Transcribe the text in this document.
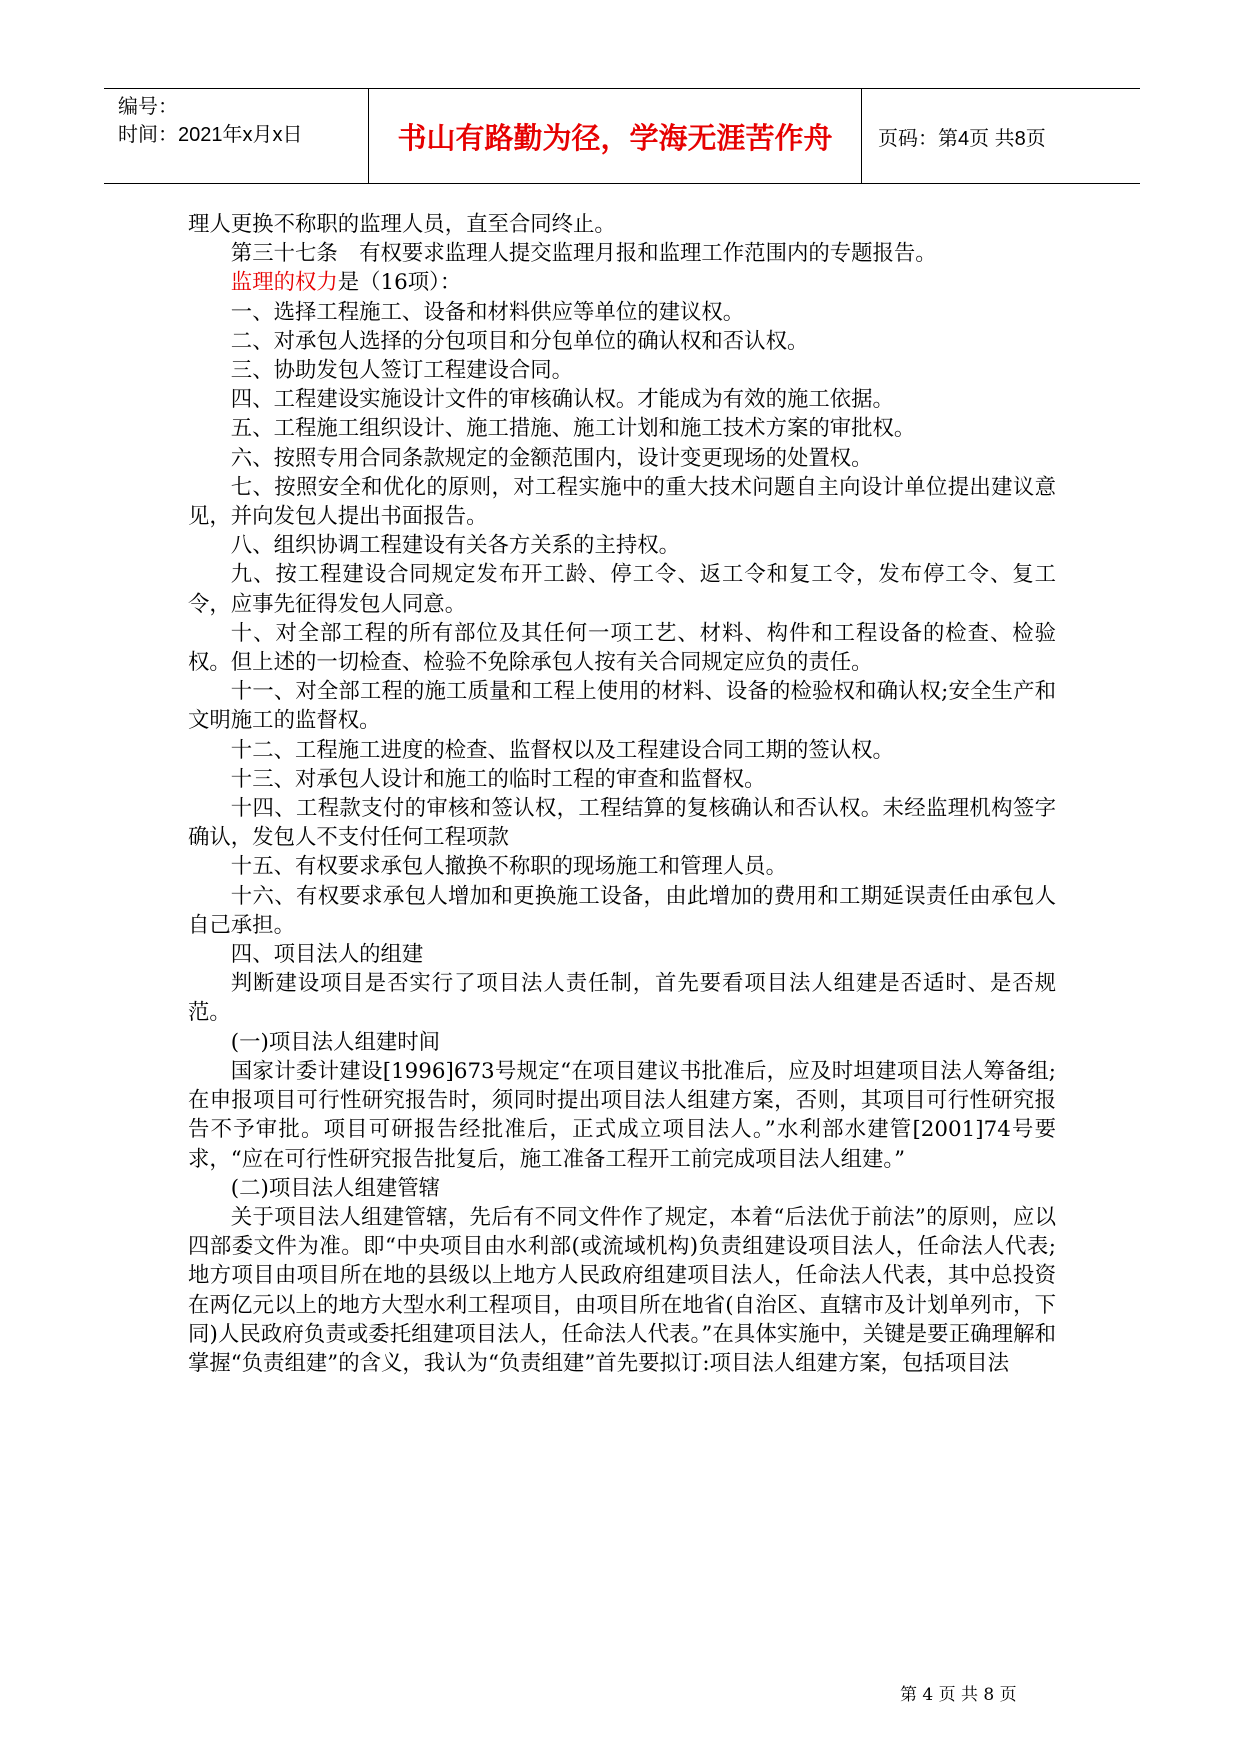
编号：
时间：2021年x月x日	书山有路勤为径，学海无涯苦作舟	页码：第4页 共8页

理人更换不称职的监理人员，直至合同终止。

第三十七条　有权要求监理人提交监理月报和监理工作范围内的专题报告。

监理的权力是（16项）：

一、选择工程施工、设备和材料供应等单位的建议权。

二、对承包人选择的分包项目和分包单位的确认权和否认权。

三、协助发包人签订工程建设合同。

四、工程建设实施设计文件的审核确认权。才能成为有效的施工依据。

五、工程施工组织设计、施工措施、施工计划和施工技术方案的审批权。

六、按照专用合同条款规定的金额范围内，设计变更现场的处置权。

七、按照安全和优化的原则，对工程实施中的重大技术问题自主向设计单位提出建议意见，并向发包人提出书面报告。

八、组织协调工程建设有关各方关系的主持权。

九、按工程建设合同规定发布开工龄、停工令、返工令和复工令，发布停工令、复工令，应事先征得发包人同意。

十、对全部工程的所有部位及其任何一项工艺、材料、构件和工程设备的检查、检验权。但上述的一切检查、检验不免除承包人按有关合同规定应负的责任。

十一、对全部工程的施工质量和工程上使用的材料、设备的检验权和确认权;安全生产和文明施工的监督权。

十二、工程施工进度的检查、监督权以及工程建设合同工期的签认权。

十三、对承包人设计和施工的临时工程的审查和监督权。

十四、工程款支付的审核和签认权，工程结算的复核确认和否认权。未经监理机构签字确认，发包人不支付任何工程项款

十五、有权要求承包人撤换不称职的现场施工和管理人员。

十六、有权要求承包人增加和更换施工设备，由此增加的费用和工期延误责任由承包人自己承担。

四、项目法人的组建

判断建设项目是否实行了项目法人责任制，首先要看项目法人组建是否适时、是否规范。

(一)项目法人组建时间

国家计委计建设[1996]673号规定“在项目建议书批准后，应及时坦建项目法人筹备组;在申报项目可行性研究报告时，须同时提出项目法人组建方案，否则，其项目可行性研究报告不予审批。项目可研报告经批准后，正式成立项目法人。”水利部水建管[2001]74号要求，“应在可行性研究报告批复后，施工准备工程开工前完成项目法人组建。”

(二)项目法人组建管辖

关于项目法人组建管辖，先后有不同文件作了规定，本着“后法优于前法”的原则，应以四部委文件为准。即“中央项目由水利部(或流域机构)负责组建设项目法人，任命法人代表;地方项目由项目所在地的县级以上地方人民政府组建项目法人，任命法人代表，其中总投资在两亿元以上的地方大型水利工程项目，由项目所在地省(自治区、直辖市及计划单列市，下同)人民政府负责或委托组建项目法人，任命法人代表。”在具体实施中，关键是要正确理解和掌握“负责组建”的含义，我认为“负责组建”首先要拟订:项目法人组建方案，包括项目法

第 4 页 共 8 页
